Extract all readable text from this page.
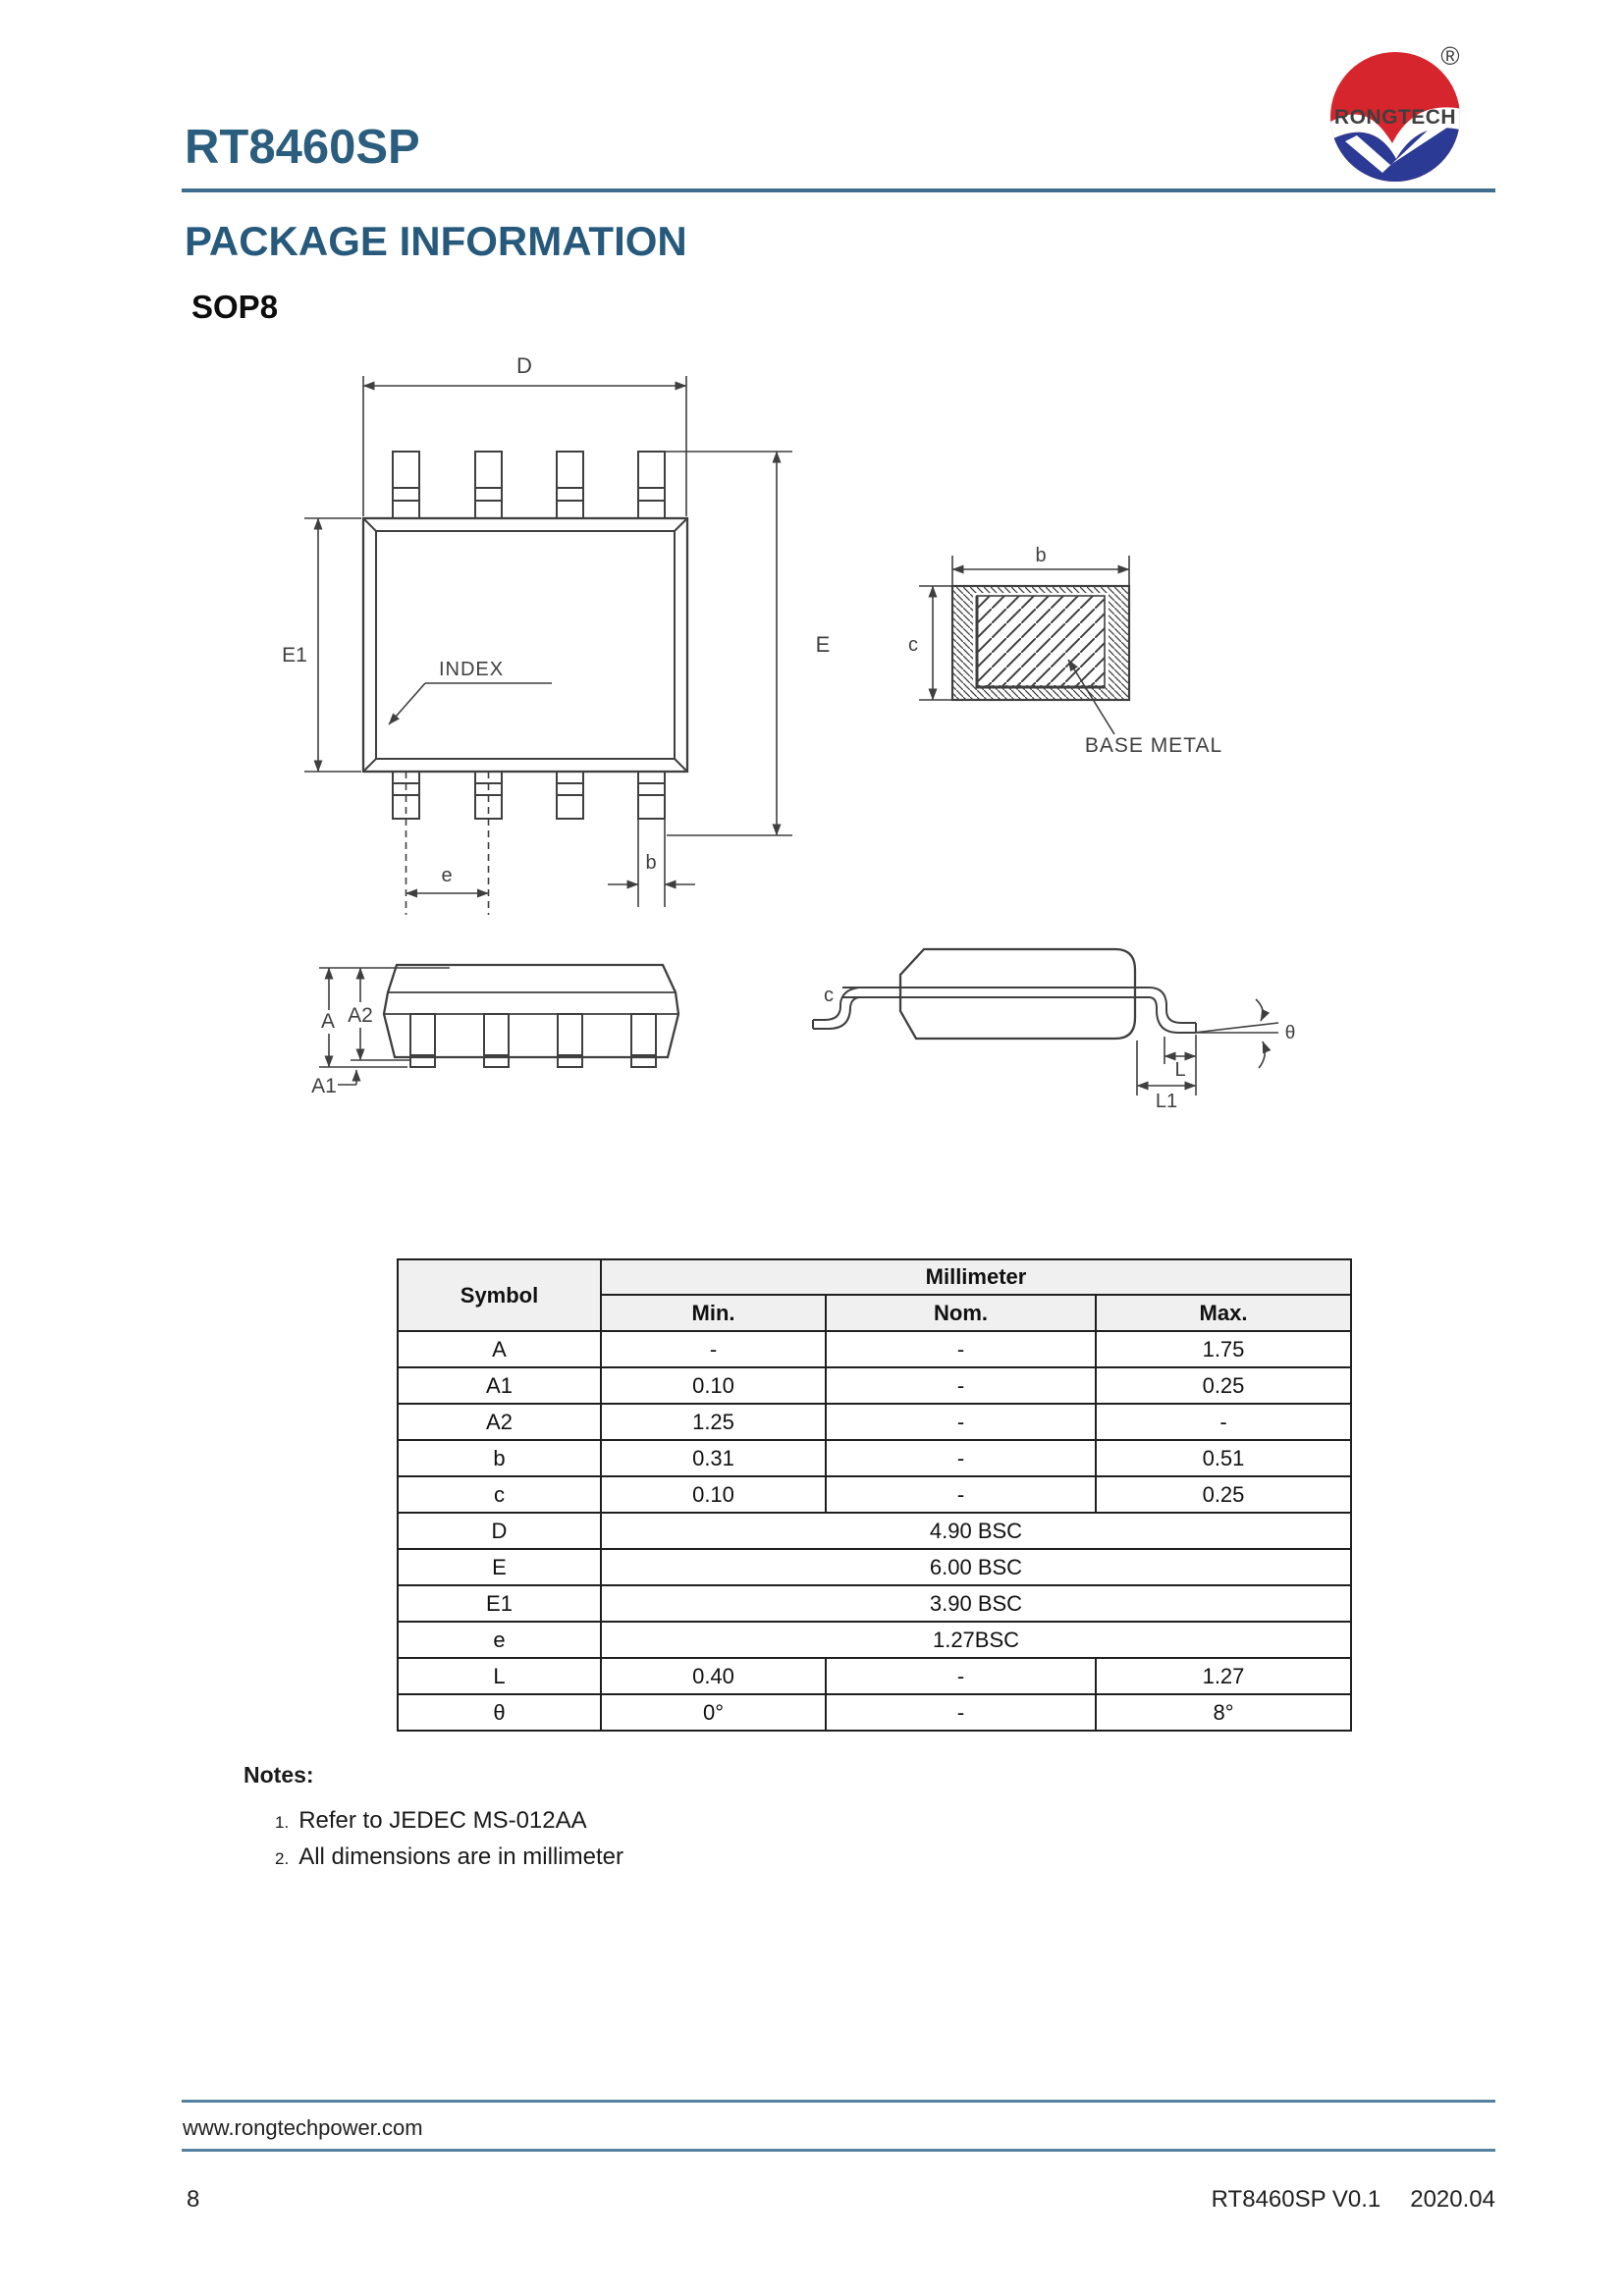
RT8460SP
RONGTECH
®
PACKAGE INFORMATION
SOP8
D
E1	E
INDEX
e
b
b
c
BASE METAL
A A2
A1
c
L
L1
θ
Symbol	Millimeter		
	Min.	Nom.	Max.
A	-	-	1.75
A1	0.10	-	0.25
A2	1.25	-	-
b	0.31	-	0.51
c	0.10	-	0.25
D	4.90 BSC		
E	6.00 BSC		
E1	3.90 BSC		
e	1.27BSC		
L	0.40	-	1.27
θ	0°	-	8°
Notes:
1. Refer to JEDEC MS-012AA
2. All dimensions are in millimeter
www.rongtechpower.com
8	RT8460SP V0.1 2020.04
